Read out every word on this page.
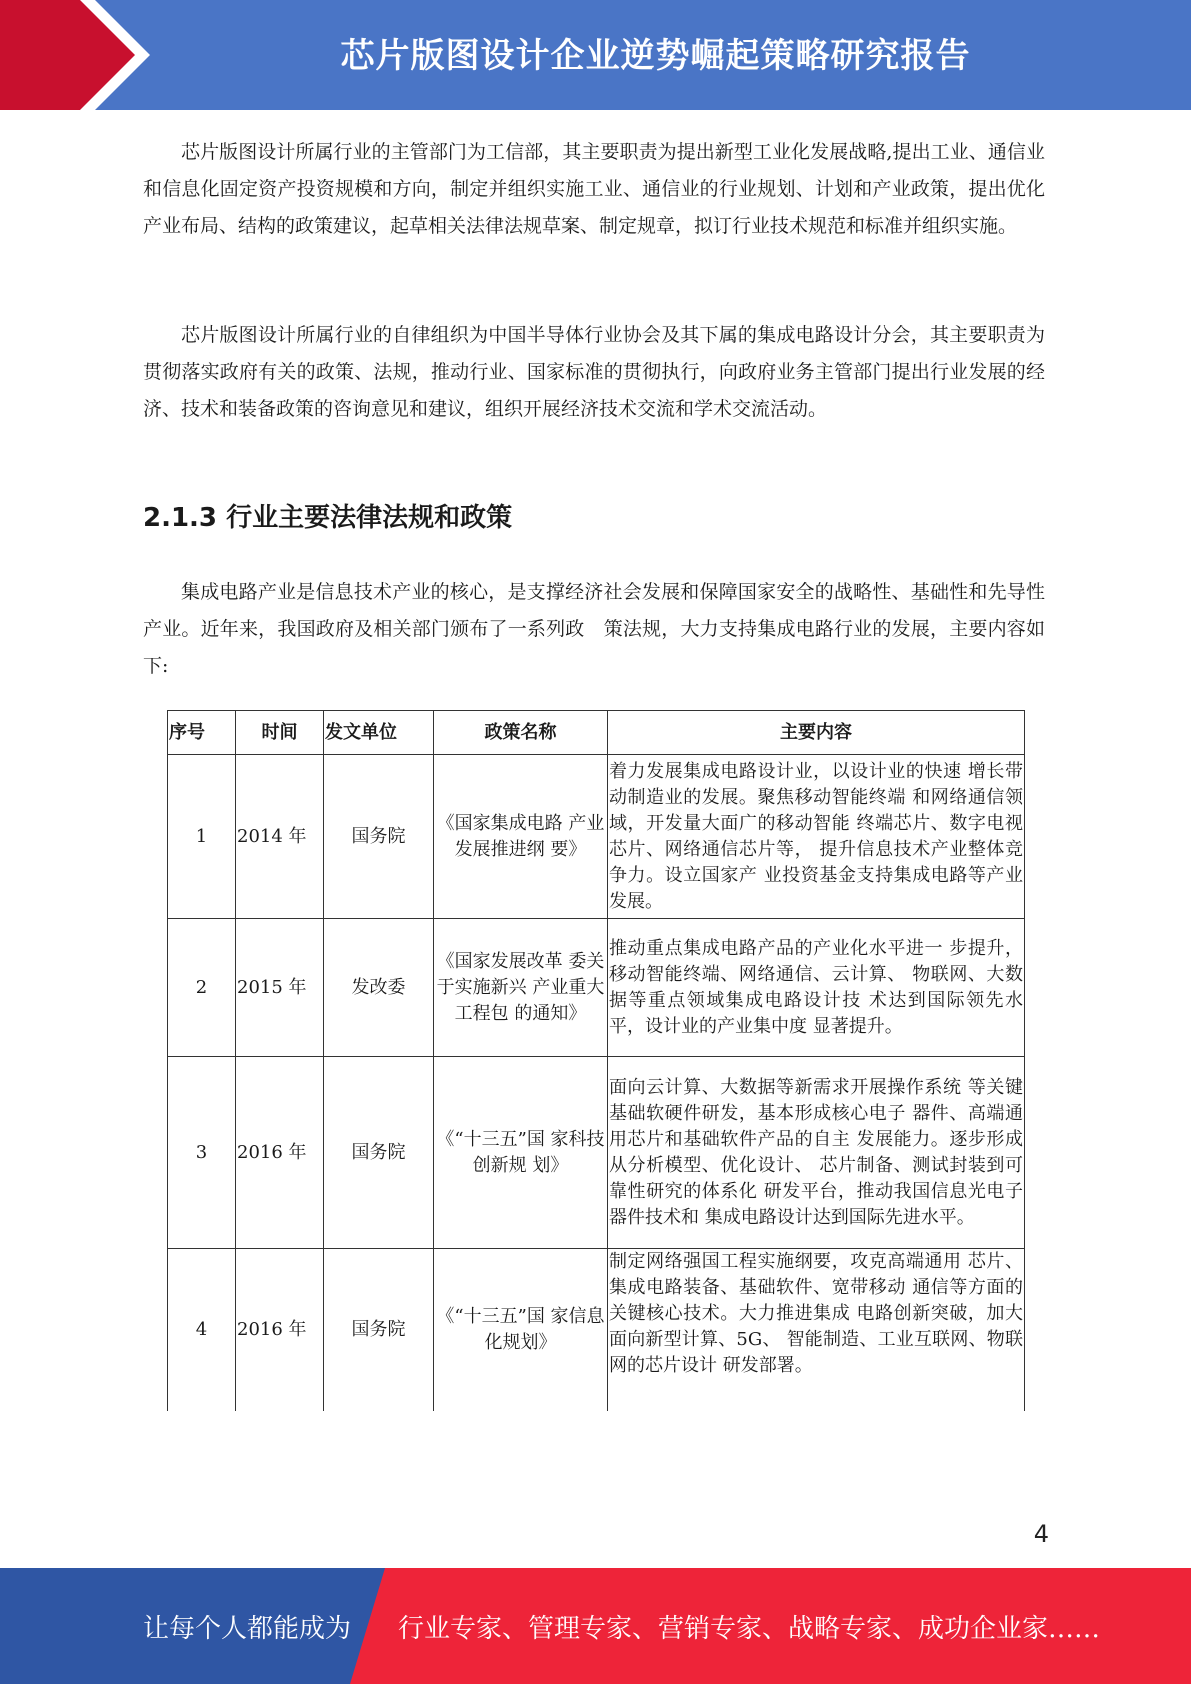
芯片版图设计企业逆势崛起策略研究报告

芯片版图设计所属行业的主管部门为工信部，其主要职责为提出新型工业化发展战略,提出工业、通信业和信息化固定资产投资规模和方向，制定并组织实施工业、通信业的行业规划、计划和产业政策，提出优化产业布局、结构的政策建议，起草相关法律法规草案、制定规章，拟订行业技术规范和标准并组织实施。

芯片版图设计所属行业的自律组织为中国半导体行业协会及其下属的集成电路设计分会，其主要职责为贯彻落实政府有关的政策、法规，推动行业、国家标准的贯彻执行，向政府业务主管部门提出行业发展的经济、技术和装备政策的咨询意见和建议，组织开展经济技术交流和学术交流活动。

2.1.3 行业主要法律法规和政策

集成电路产业是信息技术产业的核心，是支撑经济社会发展和保障国家安全的战略性、基础性和先导性产业。近年来，我国政府及相关部门颁布了一系列政　策法规，大力支持集成电路行业的发展，主要内容如下:

序号	时间	发文单位	政策名称	主要内容
1	2014 年	国务院	《国家集成电路 产业发展推进纲 要》	着力发展集成电路设计业，以设计业的快速 增长带动制造业的发展。聚焦移动智能终端 和网络通信领域，开发量大面广的移动智能 终端芯片、数字电视芯片、网络通信芯片等， 提升信息技术产业整体竞争力。设立国家产 业投资基金支持集成电路等产业发展。
2	2015 年	发改委	《国家发展改革 委关于实施新兴 产业重大工程包 的通知》	推动重点集成电路产品的产业化水平进一 步提升，移动智能终端、网络通信、云计算、 物联网、大数据等重点领域集成电路设计技 术达到国际领先水平，设计业的产业集中度 显著提升。
3	2016 年	国务院	《“十三五”国 家科技创新规 划》	面向云计算、大数据等新需求开展操作系统 等关键基础软硬件研发，基本形成核心电子 器件、高端通用芯片和基础软件产品的自主 发展能力。逐步形成从分析模型、优化设计、 芯片制备、测试封装到可靠性研究的体系化 研发平台，推动我国信息光电子器件技术和 集成电路设计达到国际先进水平。
4	2016 年	国务院	《“十三五”国 家信息化规划》	制定网络强国工程实施纲要，攻克高端通用 芯片、集成电路装备、基础软件、宽带移动 通信等方面的关键核心技术。大力推进集成 电路创新突破，加大面向新型计算、5G、 智能制造、工业互联网、物联网的芯片设计 研发部署。
4
让每个人都能成为 行业专家、管理专家、营销专家、战略专家、成功企业家……
